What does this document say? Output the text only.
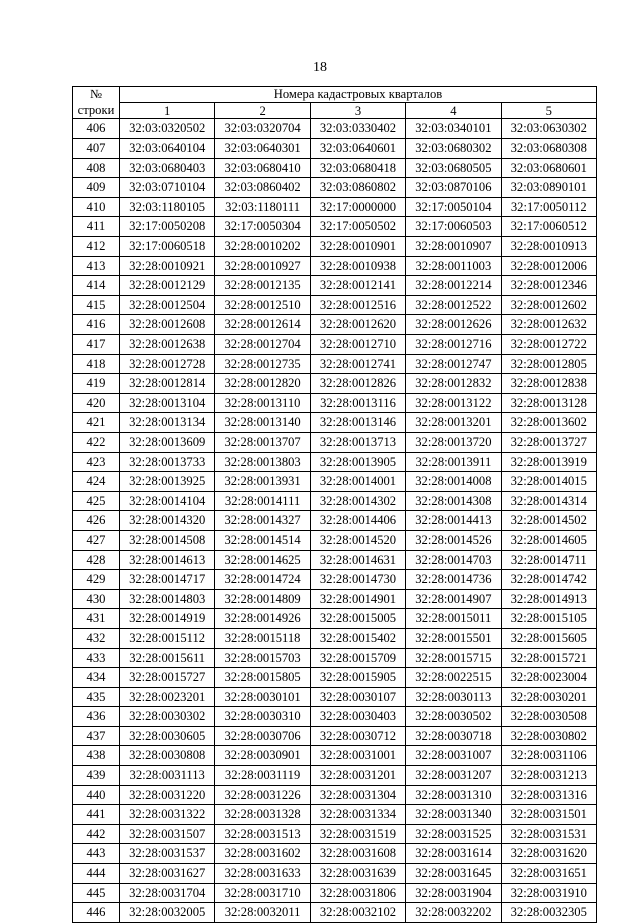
18
№
строки	Номера кадастровых кварталов				
	1	2	3	4	5
406	32:03:0320502	32:03:0320704	32:03:0330402	32:03:0340101	32:03:0630302
407	32:03:0640104	32:03:0640301	32:03:0640601	32:03:0680302	32:03:0680308
408	32:03:0680403	32:03:0680410	32:03:0680418	32:03:0680505	32:03:0680601
409	32:03:0710104	32:03:0860402	32:03:0860802	32:03:0870106	32:03:0890101
410	32:03:1180105	32:03:1180111	32:17:0000000	32:17:0050104	32:17:0050112
411	32:17:0050208	32:17:0050304	32:17:0050502	32:17:0060503	32:17:0060512
412	32:17:0060518	32:28:0010202	32:28:0010901	32:28:0010907	32:28:0010913
413	32:28:0010921	32:28:0010927	32:28:0010938	32:28:0011003	32:28:0012006
414	32:28:0012129	32:28:0012135	32:28:0012141	32:28:0012214	32:28:0012346
415	32:28:0012504	32:28:0012510	32:28:0012516	32:28:0012522	32:28:0012602
416	32:28:0012608	32:28:0012614	32:28:0012620	32:28:0012626	32:28:0012632
417	32:28:0012638	32:28:0012704	32:28:0012710	32:28:0012716	32:28:0012722
418	32:28:0012728	32:28:0012735	32:28:0012741	32:28:0012747	32:28:0012805
419	32:28:0012814	32:28:0012820	32:28:0012826	32:28:0012832	32:28:0012838
420	32:28:0013104	32:28:0013110	32:28:0013116	32:28:0013122	32:28:0013128
421	32:28:0013134	32:28:0013140	32:28:0013146	32:28:0013201	32:28:0013602
422	32:28:0013609	32:28:0013707	32:28:0013713	32:28:0013720	32:28:0013727
423	32:28:0013733	32:28:0013803	32:28:0013905	32:28:0013911	32:28:0013919
424	32:28:0013925	32:28:0013931	32:28:0014001	32:28:0014008	32:28:0014015
425	32:28:0014104	32:28:0014111	32:28:0014302	32:28:0014308	32:28:0014314
426	32:28:0014320	32:28:0014327	32:28:0014406	32:28:0014413	32:28:0014502
427	32:28:0014508	32:28:0014514	32:28:0014520	32:28:0014526	32:28:0014605
428	32:28:0014613	32:28:0014625	32:28:0014631	32:28:0014703	32:28:0014711
429	32:28:0014717	32:28:0014724	32:28:0014730	32:28:0014736	32:28:0014742
430	32:28:0014803	32:28:0014809	32:28:0014901	32:28:0014907	32:28:0014913
431	32:28:0014919	32:28:0014926	32:28:0015005	32:28:0015011	32:28:0015105
432	32:28:0015112	32:28:0015118	32:28:0015402	32:28:0015501	32:28:0015605
433	32:28:0015611	32:28:0015703	32:28:0015709	32:28:0015715	32:28:0015721
434	32:28:0015727	32:28:0015805	32:28:0015905	32:28:0022515	32:28:0023004
435	32:28:0023201	32:28:0030101	32:28:0030107	32:28:0030113	32:28:0030201
436	32:28:0030302	32:28:0030310	32:28:0030403	32:28:0030502	32:28:0030508
437	32:28:0030605	32:28:0030706	32:28:0030712	32:28:0030718	32:28:0030802
438	32:28:0030808	32:28:0030901	32:28:0031001	32:28:0031007	32:28:0031106
439	32:28:0031113	32:28:0031119	32:28:0031201	32:28:0031207	32:28:0031213
440	32:28:0031220	32:28:0031226	32:28:0031304	32:28:0031310	32:28:0031316
441	32:28:0031322	32:28:0031328	32:28:0031334	32:28:0031340	32:28:0031501
442	32:28:0031507	32:28:0031513	32:28:0031519	32:28:0031525	32:28:0031531
443	32:28:0031537	32:28:0031602	32:28:0031608	32:28:0031614	32:28:0031620
444	32:28:0031627	32:28:0031633	32:28:0031639	32:28:0031645	32:28:0031651
445	32:28:0031704	32:28:0031710	32:28:0031806	32:28:0031904	32:28:0031910
446	32:28:0032005	32:28:0032011	32:28:0032102	32:28:0032202	32:28:0032305
